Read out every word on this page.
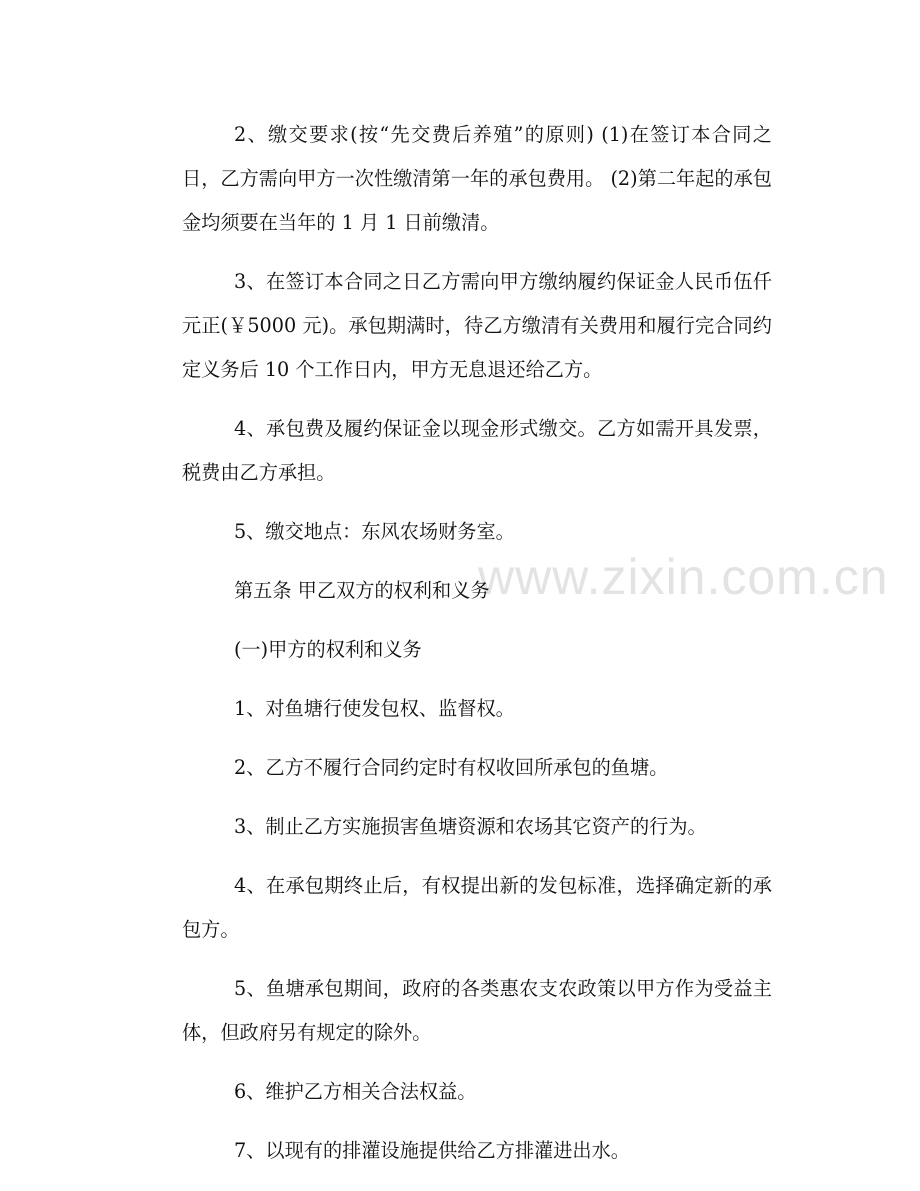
www.zixin.com.cn

2、缴交要求(按“先交费后养殖”的原则) (1)在签订本合同之日，乙方需向甲方一次性缴清第一年的承包费用。 (2)第二年起的承包金均须要在当年的 1 月 1 日前缴清。

3、在签订本合同之日乙方需向甲方缴纳履约保证金人民币伍仟元正(￥5000 元)。承包期满时，待乙方缴清有关费用和履行完合同约定义务后 10 个工作日内，甲方无息退还给乙方。

4、承包费及履约保证金以现金形式缴交。乙方如需开具发票，税费由乙方承担。

5、缴交地点：东风农场财务室。

第五条 甲乙双方的权利和义务

(一)甲方的权利和义务

1、对鱼塘行使发包权、监督权。

2、乙方不履行合同约定时有权收回所承包的鱼塘。

3、制止乙方实施损害鱼塘资源和农场其它资产的行为。

4、在承包期终止后，有权提出新的发包标准，选择确定新的承包方。

5、鱼塘承包期间，政府的各类惠农支农政策以甲方作为受益主体，但政府另有规定的除外。

6、维护乙方相关合法权益。

7、以现有的排灌设施提供给乙方排灌进出水。
